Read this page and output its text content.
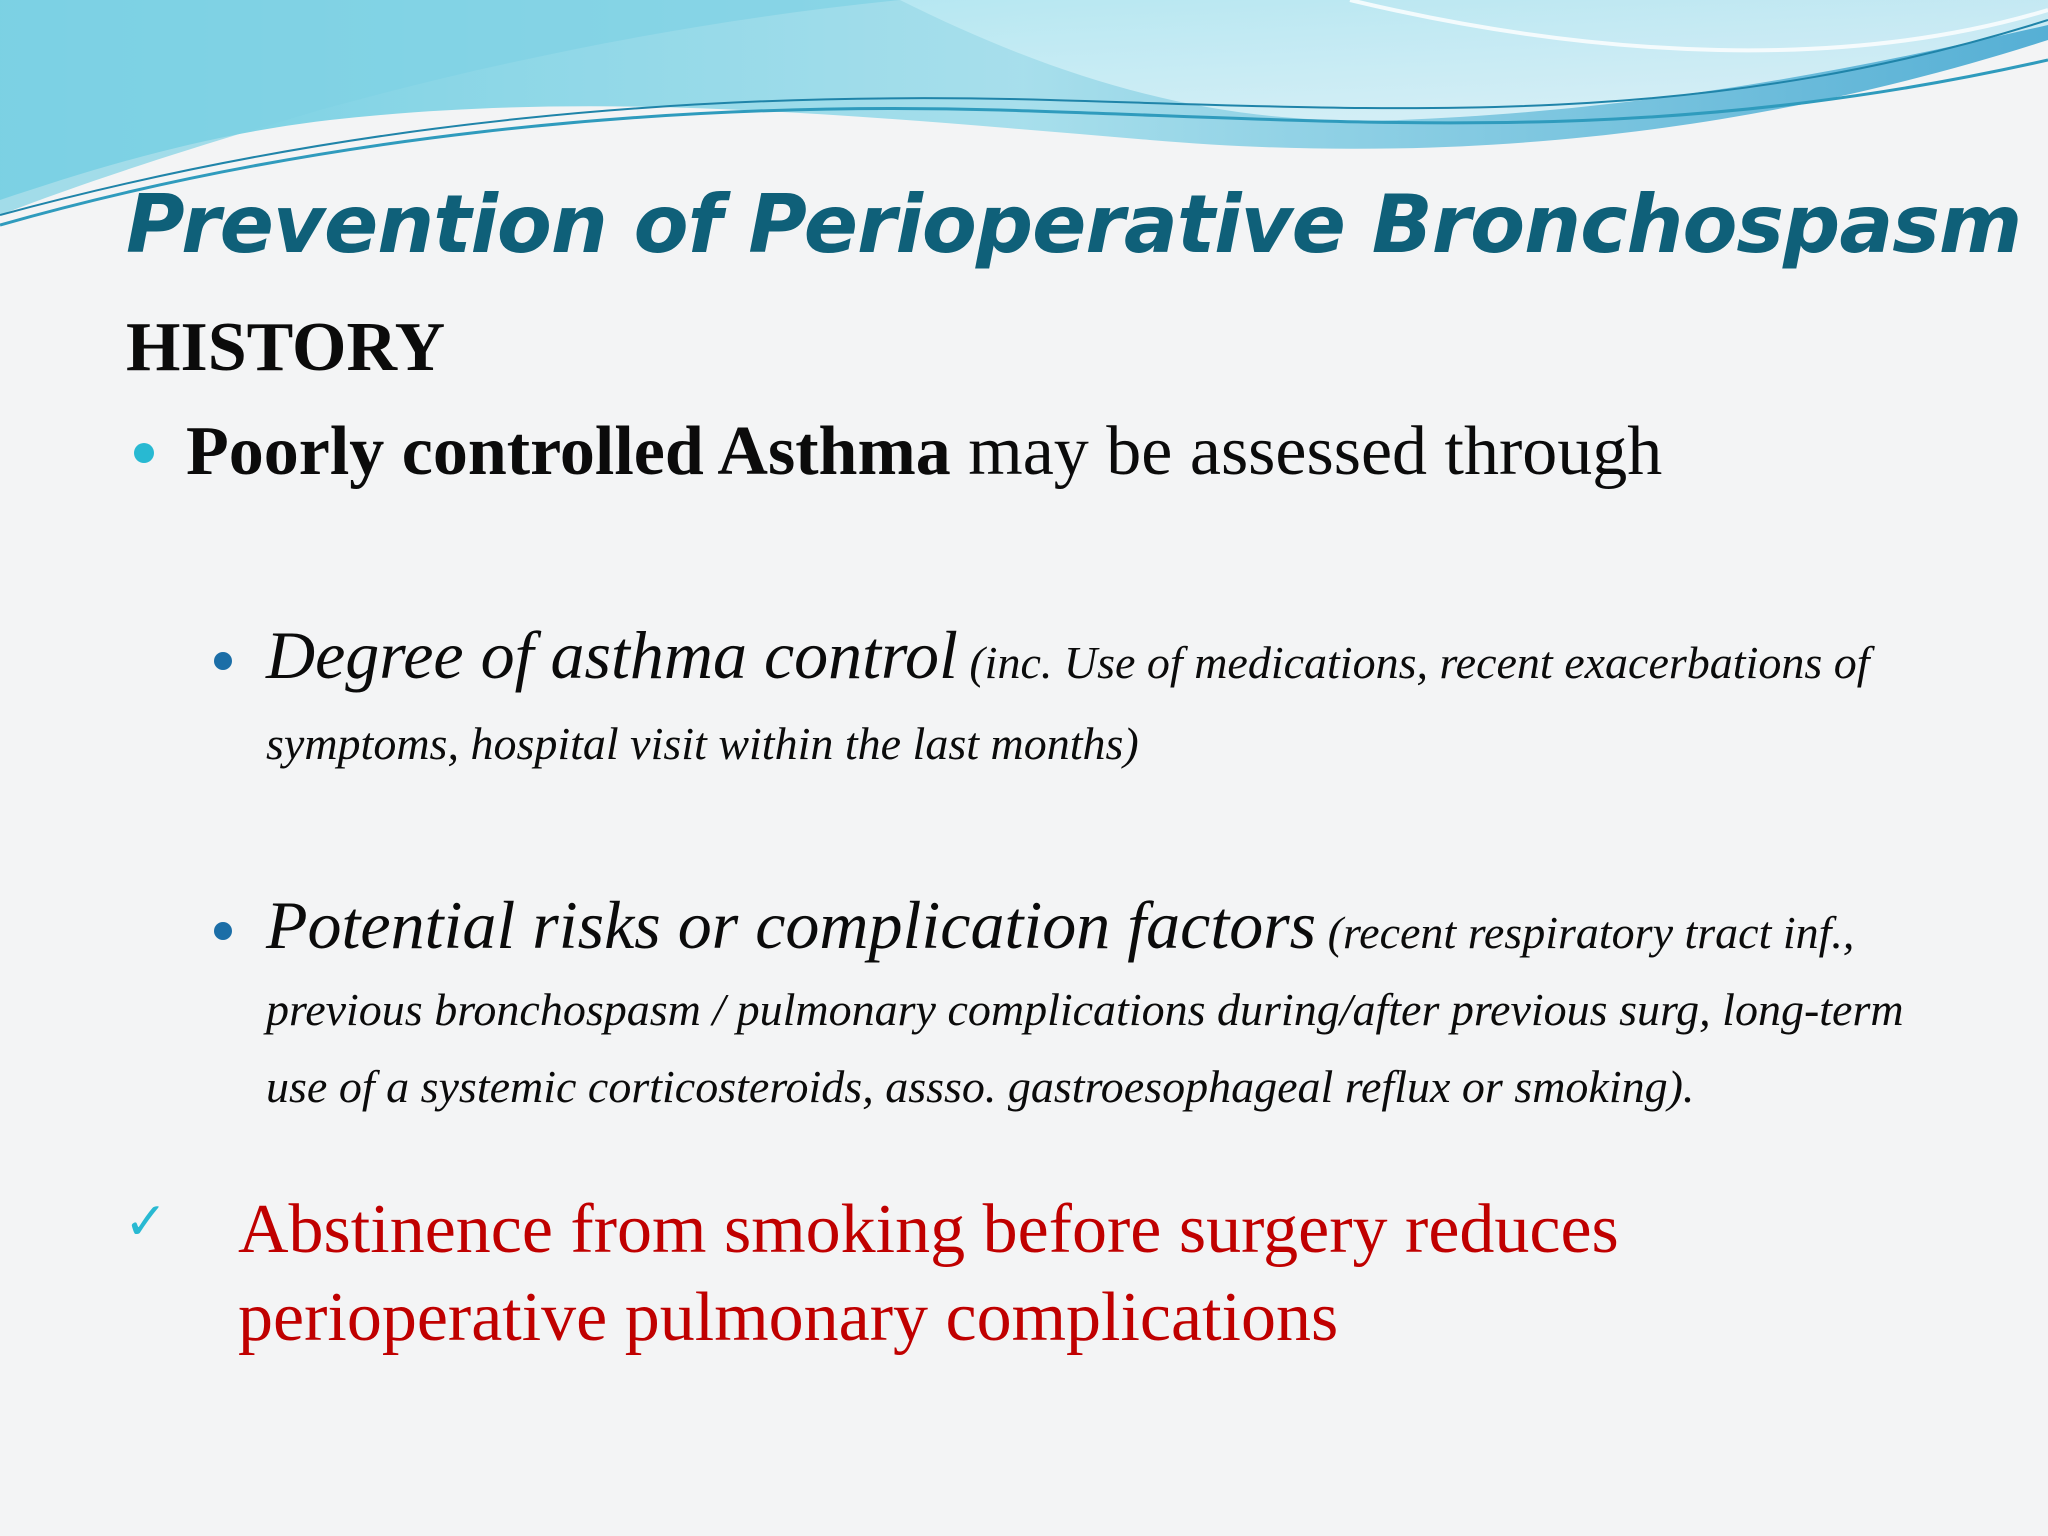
Prevention of Perioperative Bronchospasm
HISTORY
Poorly controlled Asthma may be assessed through
Degree of asthma control (inc. Use of medications, recent exacerbations of symptoms, hospital visit within the last months)
Potential risks or complication factors (recent respiratory tract inf., previous bronchospasm / pulmonary complications during/after previous surg, long-term use of a systemic corticosteroids, assso. gastroesophageal reflux or smoking).
✓ Abstinence from smoking before surgery reduces perioperative pulmonary complications
